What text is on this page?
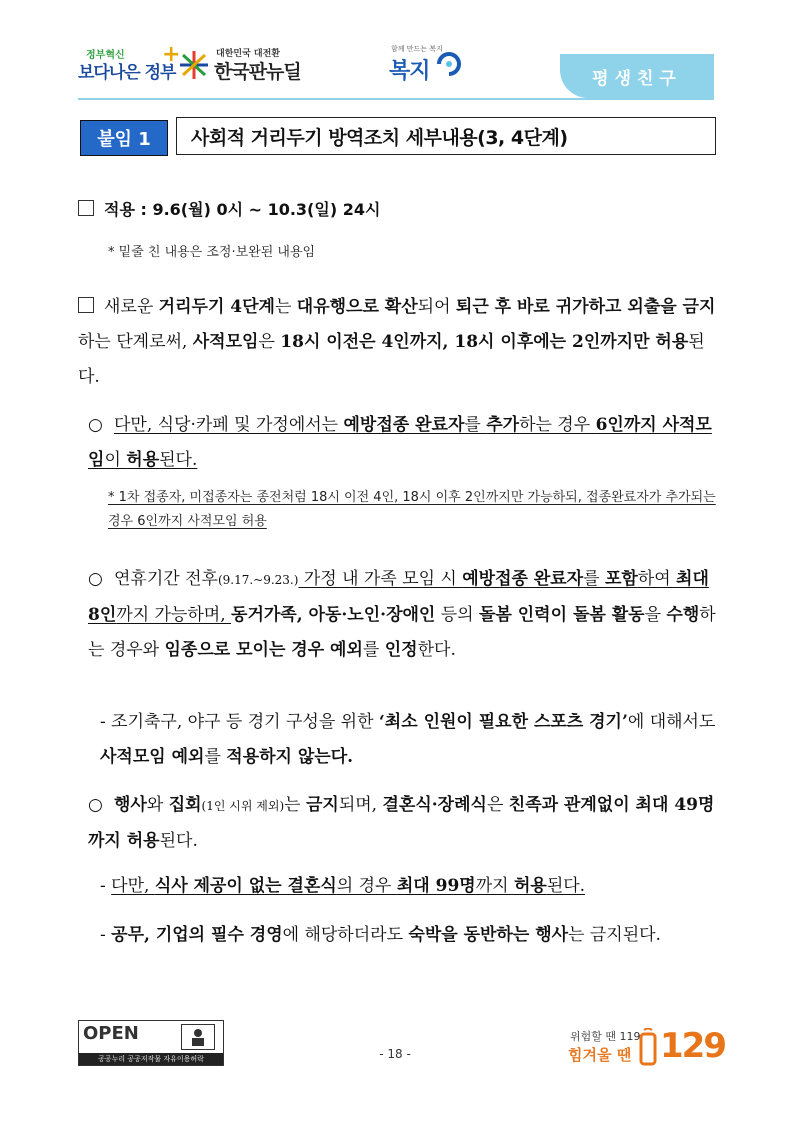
정부혁신
보다나은 정부
+	대한민국 대전환
한국판뉴딜
함께 만드는 복지
복지	평생친구
붙임 1	사회적 거리두기 방역조치 세부내용(3, 4단계)
적용 : 9.6(월) 0시 ~ 10.3(일) 24시
* 밑줄 친 내용은 조정·보완된 내용임
새로운 거리두기 4단계는 대유행으로 확산되어 퇴근 후 바로 귀가하고 외출을 금지하는 단계로써, 사적모임은 18시 이전은 4인까지, 18시 이후에는 2인까지만 허용된다.
○ 다만, 식당·카페 및 가정에서는 예방접종 완료자를 추가하는 경우 6인까지 사적모임이 허용된다.
* 1차 접종자, 미접종자는 종전처럼 18시 이전 4인, 18시 이후 2인까지만 가능하되, 접종완료자가 추가되는 경우 6인까지 사적모임 허용
○ 연휴기간 전후(9.17.~9.23.) 가정 내 가족 모임 시 예방접종 완료자를 포함하여 최대 8인까지 가능하며, 동거가족, 아동·노인·장애인 등의 돌봄 인력이 돌봄 활동을 수행하는 경우와 임종으로 모이는 경우 예외를 인정한다.
- 조기축구, 야구 등 경기 구성을 위한 ‘최소 인원이 필요한 스포츠 경기’에 대해서도 사적모임 예외를 적용하지 않는다.
○ 행사와 집회(1인 시위 제외)는 금지되며, 결혼식·장례식은 친족과 관계없이 최대 49명까지 허용된다.
- 다만, 식사 제공이 없는 결혼식의 경우 최대 99명까지 허용된다.
- 공무, 기업의 필수 경영에 해당하더라도 숙박을 동반하는 행사는 금지된다.
OPEN
공공누리 공공저작물 자유이용허락	- 18 -
위험할 땐 119
힘겨울 땐 129
